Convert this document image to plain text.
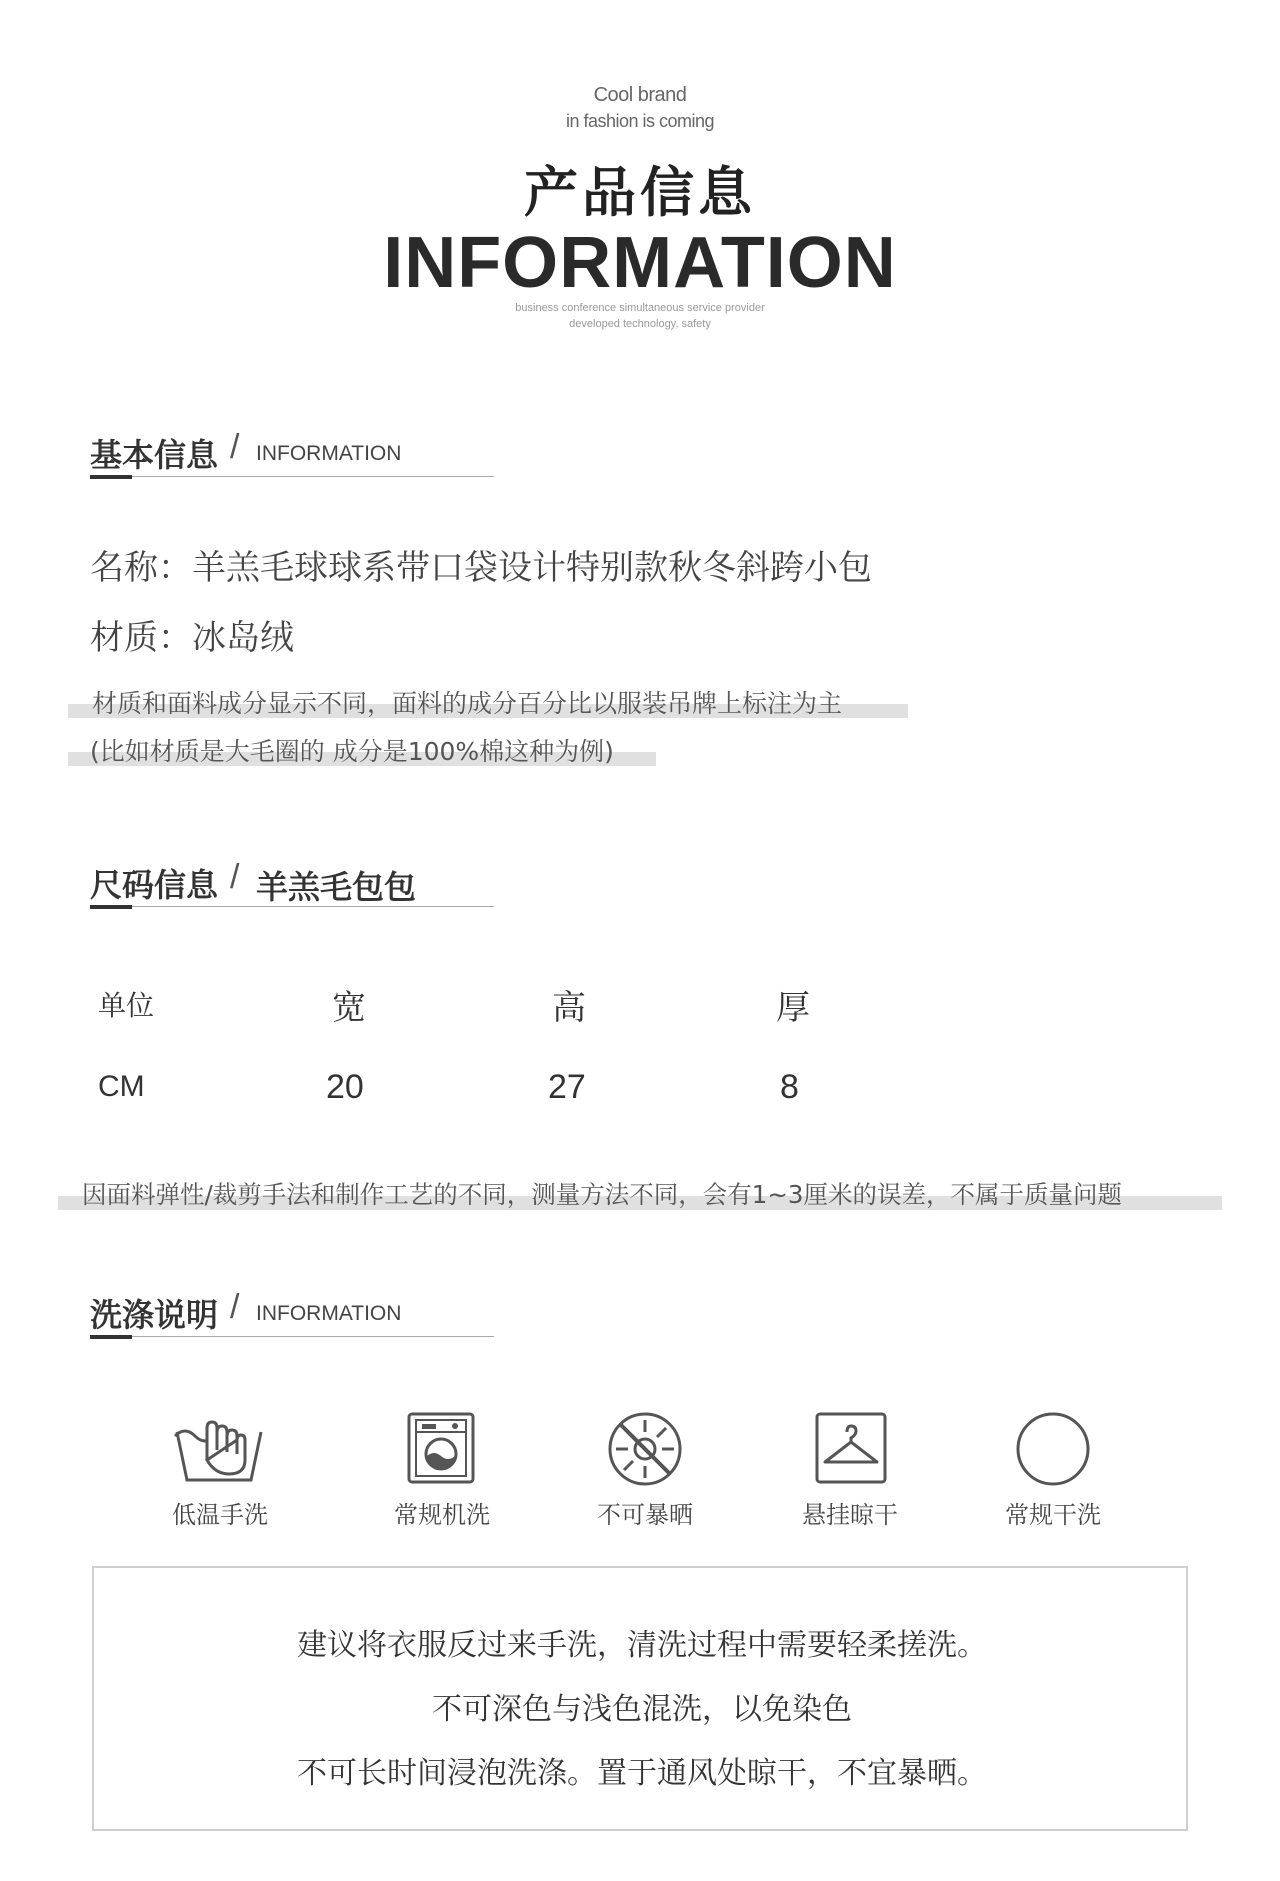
Cool brand
in fashion is coming
产品信息
INFORMATION
business conference simultaneous service provider
developed technology, safety
基本信息 / INFORMATION
名称：羊羔毛球球系带口袋设计特别款秋冬斜跨小包
材质：冰岛绒
材质和面料成分显示不同，面料的成分百分比以服装吊牌上标注为主
(比如材质是大毛圈的 成分是100%棉这种为例)
尺码信息 / 羊羔毛包包
单位	宽	高	厚
CM	20	27	8
因面料弹性/裁剪手法和制作工艺的不同，测量方法不同，会有1~3厘米的误差，不属于质量问题
洗涤说明 / INFORMATION
低温手洗	常规机洗	不可暴晒	悬挂晾干	常规干洗
建议将衣服反过来手洗，清洗过程中需要轻柔搓洗。
不可深色与浅色混洗，以免染色
不可长时间浸泡洗涤。置于通风处晾干，不宜暴晒。
